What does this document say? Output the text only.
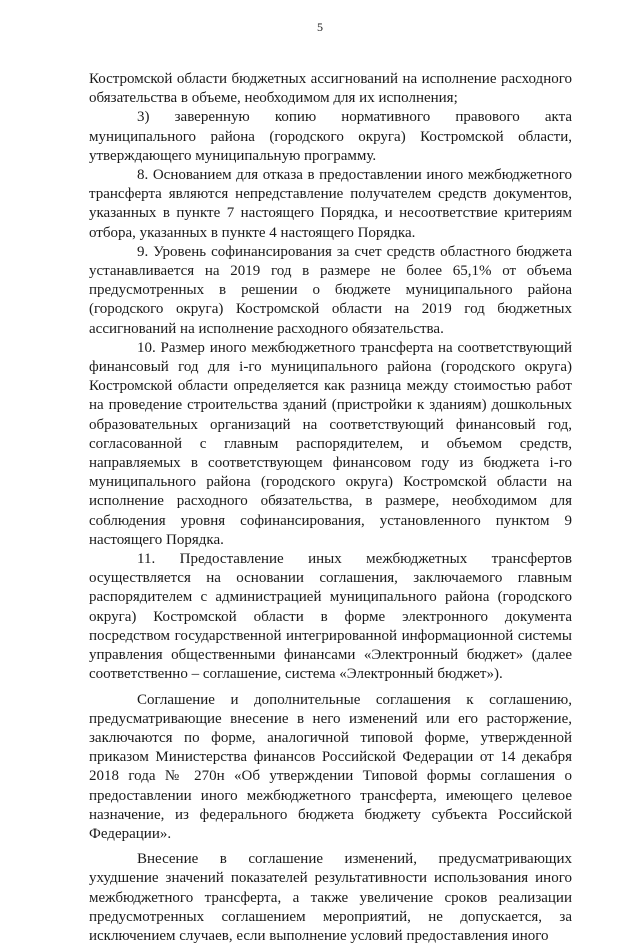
5

Костромской области бюджетных ассигнований на исполнение расходного обязательства в объеме, необходимом для их исполнения;

3) заверенную копию нормативного правового акта муниципального района (городского округа) Костромской области, утверждающего муниципальную программу.

8. Основанием для отказа в предоставлении иного межбюджетного трансферта являются непредставление получателем средств документов, указанных в пункте 7 настоящего Порядка, и несоответствие критериям отбора, указанных в пункте 4 настоящего Порядка.

9. Уровень софинансирования за счет средств областного бюджета устанавливается на 2019 год в размере не более 65,1% от объема предусмотренных в решении о бюджете муниципального района (городского округа) Костромской области на 2019 год бюджетных ассигнований на исполнение расходного обязательства.

10. Размер иного межбюджетного трансферта на соответствующий финансовый год для i-го муниципального района (городского округа) Костромской области определяется как разница между стоимостью работ на проведение строительства зданий (пристройки к зданиям) дошкольных образовательных организаций на соответствующий финансовый год, согласованной с главным распорядителем, и объемом средств, направляемых в соответствующем финансовом году из бюджета i-го муниципального района (городского округа) Костромской области на исполнение расходного обязательства, в размере, необходимом для соблюдения уровня софинансирования, установленного пунктом 9 настоящего Порядка.

11. Предоставление иных межбюджетных трансфертов осуществляется на основании соглашения, заключаемого главным распорядителем с администрацией муниципального района (городского округа) Костромской области в форме электронного документа посредством государственной интегрированной информационной системы управления общественными финансами «Электронный бюджет» (далее соответственно – соглашение, система «Электронный бюджет»).

Соглашение и дополнительные соглашения к соглашению, предусматривающие внесение в него изменений или его расторжение, заключаются по форме, аналогичной типовой форме, утвержденной приказом Министерства финансов Российской Федерации от 14 декабря 2018 года № 270н «Об утверждении Типовой формы соглашения о предоставлении иного межбюджетного трансферта, имеющего целевое назначение, из федерального бюджета бюджету субъекта Российской Федерации».

Внесение в соглашение изменений, предусматривающих ухудшение значений показателей результативности использования иного межбюджетного трансферта, а также увеличение сроков реализации предусмотренных соглашением мероприятий, не допускается, за исключением случаев, если выполнение условий предоставления иного
